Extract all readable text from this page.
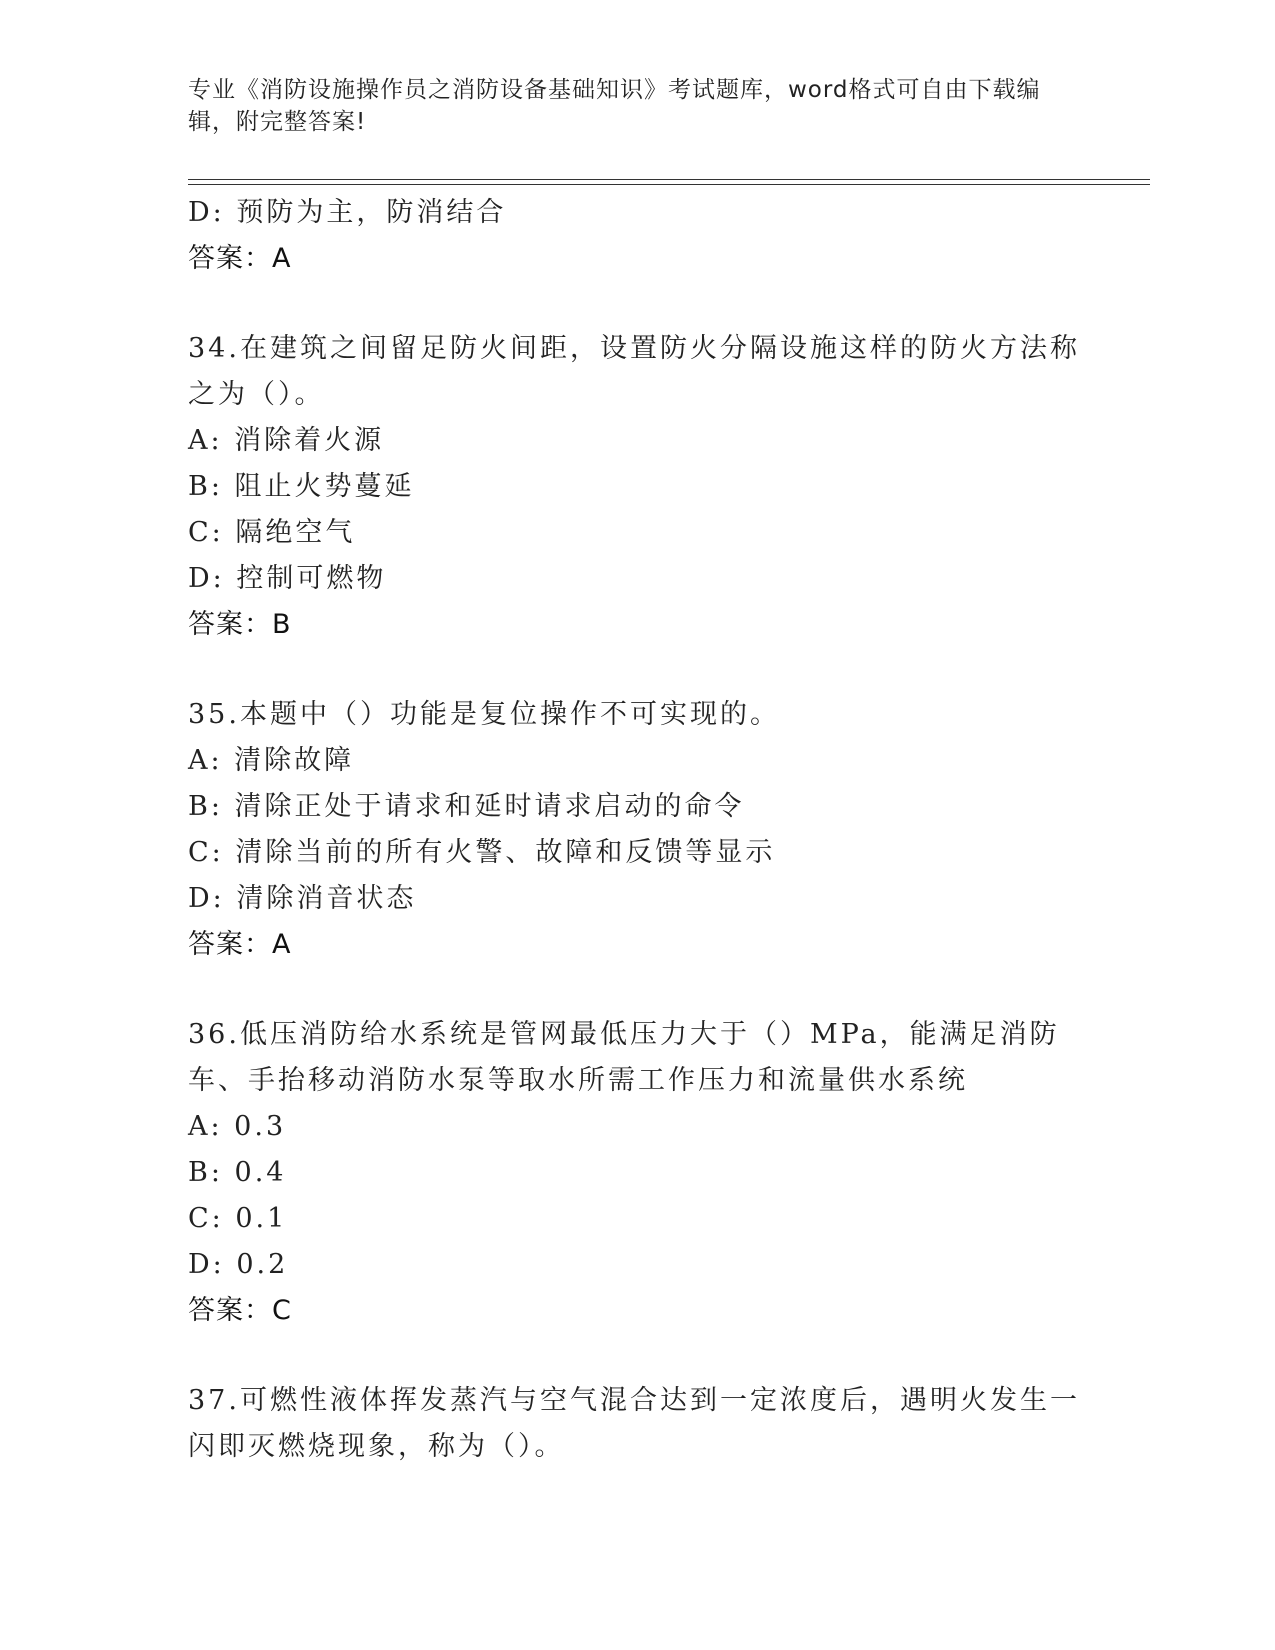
专业《消防设施操作员之消防设备基础知识》考试题库，word格式可自由下载编辑，附完整答案!
D: 预防为主，防消结合
答案：A
34.在建筑之间留足防火间距，设置防火分隔设施这样的防火方法称之为（）。
A: 消除着火源
B: 阻止火势蔓延
C: 隔绝空气
D: 控制可燃物
答案：B
35.本题中（）功能是复位操作不可实现的。
A: 清除故障
B: 清除正处于请求和延时请求启动的命令
C: 清除当前的所有火警、故障和反馈等显示
D: 清除消音状态
答案：A
36.低压消防给水系统是管网最低压力大于（）MPa，能满足消防车、手抬移动消防水泵等取水所需工作压力和流量供水系统
A: 0.3
B: 0.4
C: 0.1
D: 0.2
答案：C
37.可燃性液体挥发蒸汽与空气混合达到一定浓度后，遇明火发生一闪即灭燃烧现象，称为（）。
